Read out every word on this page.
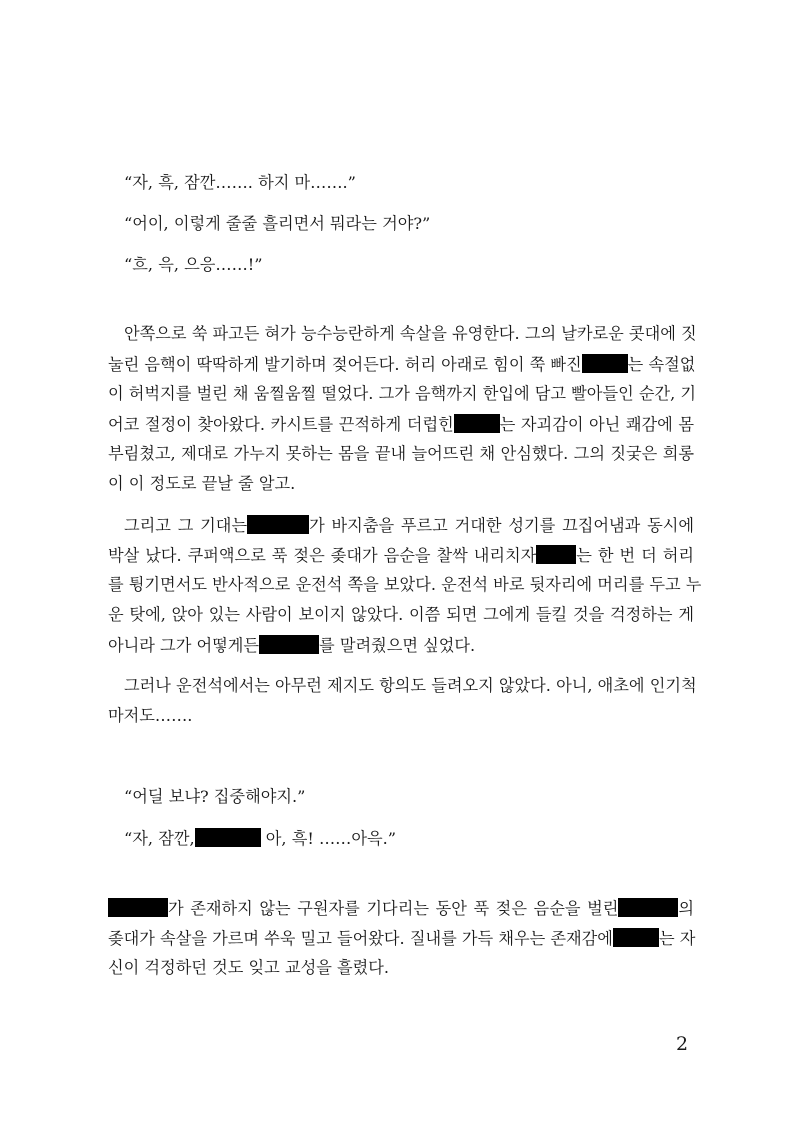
“자, 흑, 잠깐……. 하지 마…….”
“어이, 이렇게 줄줄 흘리면서 뭐라는 거야?”
“흐, 윽, 으응……!”
안쪽으로 쑥 파고든 혀가 능수능란하게 속살을 유영한다. 그의 날카로운 콧대에 짓
눌린 음핵이 딱딱하게 발기하며 젖어든다. 허리 아래로 힘이 쭉 빠진	는 속절없
이 허벅지를 벌린 채 움찔움찔 떨었다. 그가 음핵까지 한입에 담고 빨아들인 순간, 기
어코 절정이 찾아왔다. 카시트를 끈적하게 더럽힌	는 자괴감이 아닌 쾌감에 몸
부림쳤고, 제대로 가누지 못하는 몸을 끝내 늘어뜨린 채 안심했다. 그의 짓궂은 희롱
이 이 정도로 끝날 줄 알고.
그리고 그 기대는	가 바지춤을 푸르고 거대한 성기를 끄집어냄과 동시에
박살 났다. 쿠퍼액으로 푹 젖은 좆대가 음순을 찰싹 내리치자 는 한 번 더 허리
를 튕기면서도 반사적으로 운전석 쪽을 보았다. 운전석 바로 뒷자리에 머리를 두고 누
운 탓에, 앉아 있는 사람이 보이지 않았다. 이쯤 되면 그에게 들킬 것을 걱정하는 게
아니라 그가 어떻게든	를 말려줬으면 싶었다.
그러나 운전석에서는 아무런 제지도 항의도 들려오지 않았다. 아니, 애초에 인기척
마저도…….
“어딜 보냐? 집중해야지.”
“자, 잠깐,	아, 흑! ……아윽.”
가 존재하지 않는 구원자를 기다리는 동안 푹 젖은 음순을 벌린	의
좆대가 속살을 가르며 쑤욱 밀고 들어왔다. 질내를 가득 채우는 존재감에	는 자
신이 걱정하던 것도 잊고 교성을 흘렸다.
2
